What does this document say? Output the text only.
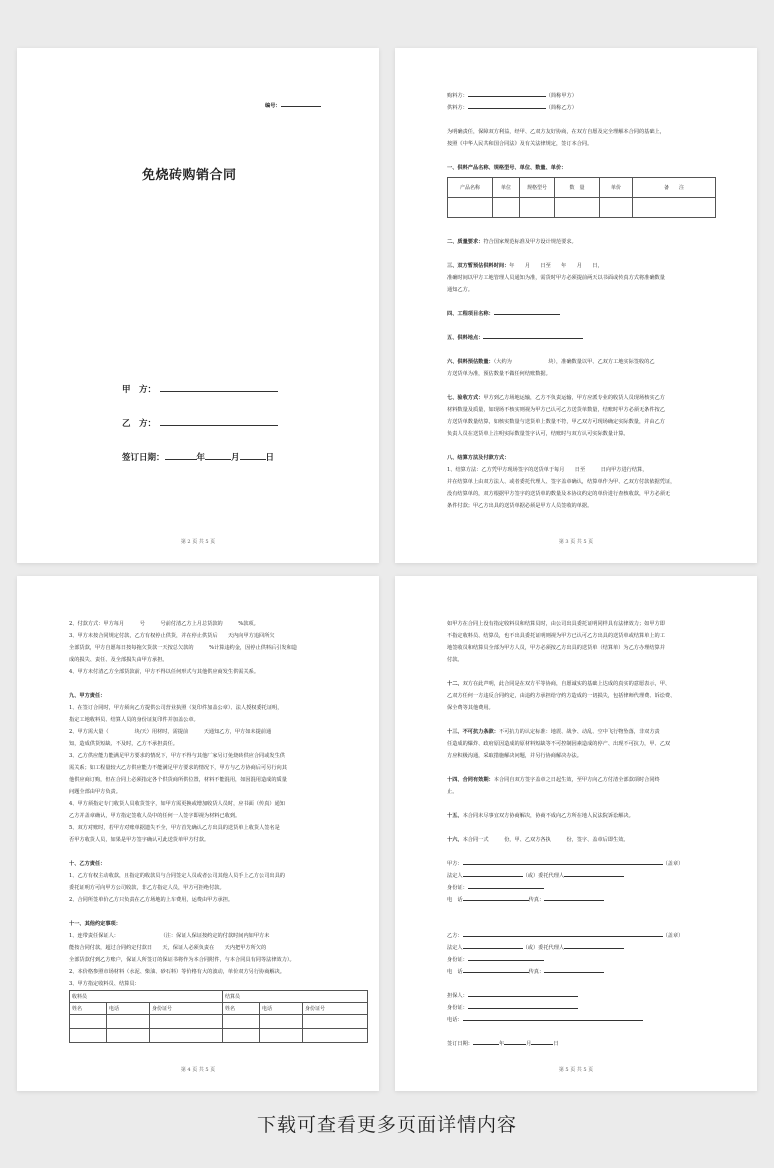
编号：
免烧砖购销合同
甲　方：
乙　方：
签订日期：	年	月	日
第 2 页 共 5 页
购料方：	（简称甲方）
供料方：	（简称乙方）
为明确责任，保障双方利益，经甲、乙双方友好协商，在双方自愿及完全理解本合同的基础上，
按照《中华人民共和国合同法》及有关法律规定，签订本合同。
一、供料产品名称、规格型号、单位、数量、单价：
产品名称	单位	规格型号	数　量	单价	备　　注

二、质量要求：符合国家规范标准及甲方设计规范要求。
三、双方暂预估供料时间：年　　月　　日至　　年　　月　　日，
准确时间以甲方工地管理人员通知为准，需货时甲方必须提前两天以书面或传真方式将准确数量
通知乙方。
四、工程项目名称：
五、供料地点：
六、供料预估数量：（大约为　　　　　　　块），准确数量以甲、乙双方工地实际签收的乙
方送货单为准，预估数量不做任何结账数据。
七、验收方式：甲方到乙方场地运输，乙方不负责运输，甲方应派专业的收货人员现场核实乙方
材料数量及质量，如现场不核实则视为甲方已认可乙方送货单数量，结账时甲方必须无条件按乙
方送货单数量结算，如核实数量与送货单上数量不符，甲乙双方可现场确定实际数量，并由乙方
负责人员在送货单上注明实际数量签字认可，结账时与双方认可实际数量计算。
八、结算方法及付款方式：
1、结算方法：乙方凭甲方现场签字的送货单于每月　　日至　　　日向甲方进行结算，
并在结算单上由双方法人、或者委托代理人、签字盖章确认，结算单作为甲、乙双方付款依据凭证，
没有结算单的，双方根据甲方签字的送货单的数量及本协议约定的单价进行查核收款，甲方必须无
条件付款；甲乙方出具的送货单据必须是甲方人员签收的单据。
第 3 页 共 5 页
2、付款方式：甲方每月　　　号　　　号前付清乙方上月总货款的　　　%款项。
3、甲方未按合同规定付款，乙方有权停止供货，并在停止供货后　　天内向甲方追回所欠
全部货款，甲方自愿每日按每拖欠货款一天按总欠款的　　　%计算违约金，因停止供料后引发和造
成的损失、责任、及全部损失由甲方承担。
4、甲方未付清乙方全部货款前，甲方不得以任何形式与其他供应商发生供需关系。
九、甲方责任：
1、在签订合同时，甲方须向乙方提供公司营业执照（复印件加盖公章）、法人授权委托证明，
指定工地收料员、结算人员的身份证复印件并加盖公章。
2、甲方需大量（　　　　　块/天）用材时，需提前　　　天通知乙方，甲方如未提前通
知，造成供货短缺、不及时，乙方不承担责任。
3、乙方供应能力能满足甲方要求的情况下，甲方不得与其他厂家另订免烧砖供应合同或发生供
需关系；如工程量较大乙方供应能力不能满足甲方要求的情况下，甲方与乙方协商后可另行向其
他供应商订购，但在合同上必须指定各个供货商所供位置，材料不能混用，如因混用造成的质量
问题全部由甲方负责。
4、甲方须指定专门收货人员收货签字，如甲方需更换或增加收货人员时，应书面（传真）通知
乙方并盖章确认，甲方指定签收人员中的任何一人签字即视为材料已收到。
5、双方对账时，若甲方对账单据遗失不全，甲方首先确认乙方出具的送货单上收货人签名是
否甲方收货人员，如果是甲方签字确认可此送货单甲方付款。
十、乙方责任：
1、乙方有权主动收款，且指定的收款员与合同签定人员或者公司其他人员手上乙方公司出具的
委托证明方可向甲方公司收款，非乙方指定人员，甲方可拒绝付款。
2、合同所签单价乙方只负责在乙方场地的上车费用，运费由甲方承担。
十一、其他约定事项：
1、连带责任保证人：　　　　　　　　　（注：保证人保证按约定的付款时间内如甲方未
能按合同付款，超过合同约定付款日　　天，保证人必须负责在　　天内把甲方所欠的
全部货款付到乙方账户，保证人所签订的保证书将作为本合同附件，与本合同具有同等法律效力）。
2、本价格参照市场材料（水泥、柴油、砂石料）等价格有大的波动，单价双方另行协商解决。
3、甲方指定收料员、结算员：
收料员			结算员		
姓名	电话	身份证号	姓名	电话	身份证号

第 4 页 共 5 页
如甲方在合同上没有指定收料员和结算员时，由公司出具委托证明同样具有法律效力；如甲方即
不指定收料员、结算员，也不出具委托证明则视为甲方已认可乙方出具的送货单或结算单上的工
地签收员和结算员全部为甲方人员，甲方必须按乙方出具的送货单（结算单）为乙方办理结算并
付款。
十二、双方在此声明，此合同是在双方平等协商，自愿诚实的基础上达成的真实的意愿表示，甲、
乙双方任何一方违反合同约定，由违约方承担给守约方造成的一切损失，包括律师代理费、诉讼费、
保全费等其他费用。
十三、不可抗力条款：不可抗力的认定标准：地震、战争、动乱、空中飞行物坠落，非双方责
任造成的爆炸、政府原因造成的原材料短缺等不可控制因素造成的停产、出现不可抗力，甲、乙双
方应积极沟通，采取措施解决问题，并另行协商解决办法。
十四、合同有效期：本合同自双方签字盖章之日起生效，至甲方向乙方付清全部款项时合同终
止。
十五、本合同未尽事宜双方协商解决，协商不成向乙方所在地人民法院诉讼解决。
十六、本合同一式　　　份，甲、乙双方各执　　　份，签字、盖章后即生效。
甲方：	（盖章）
法定人	（或）委托代理人
身份证：
电　话	传真：
乙方：	（盖章）
法定人	（或）委托代理人
身份证：
电　话	传真：
担保人：
身份证：
电话：
签订日期：	年	月	日
第 5 页 共 5 页
下载可查看更多页面详情内容
